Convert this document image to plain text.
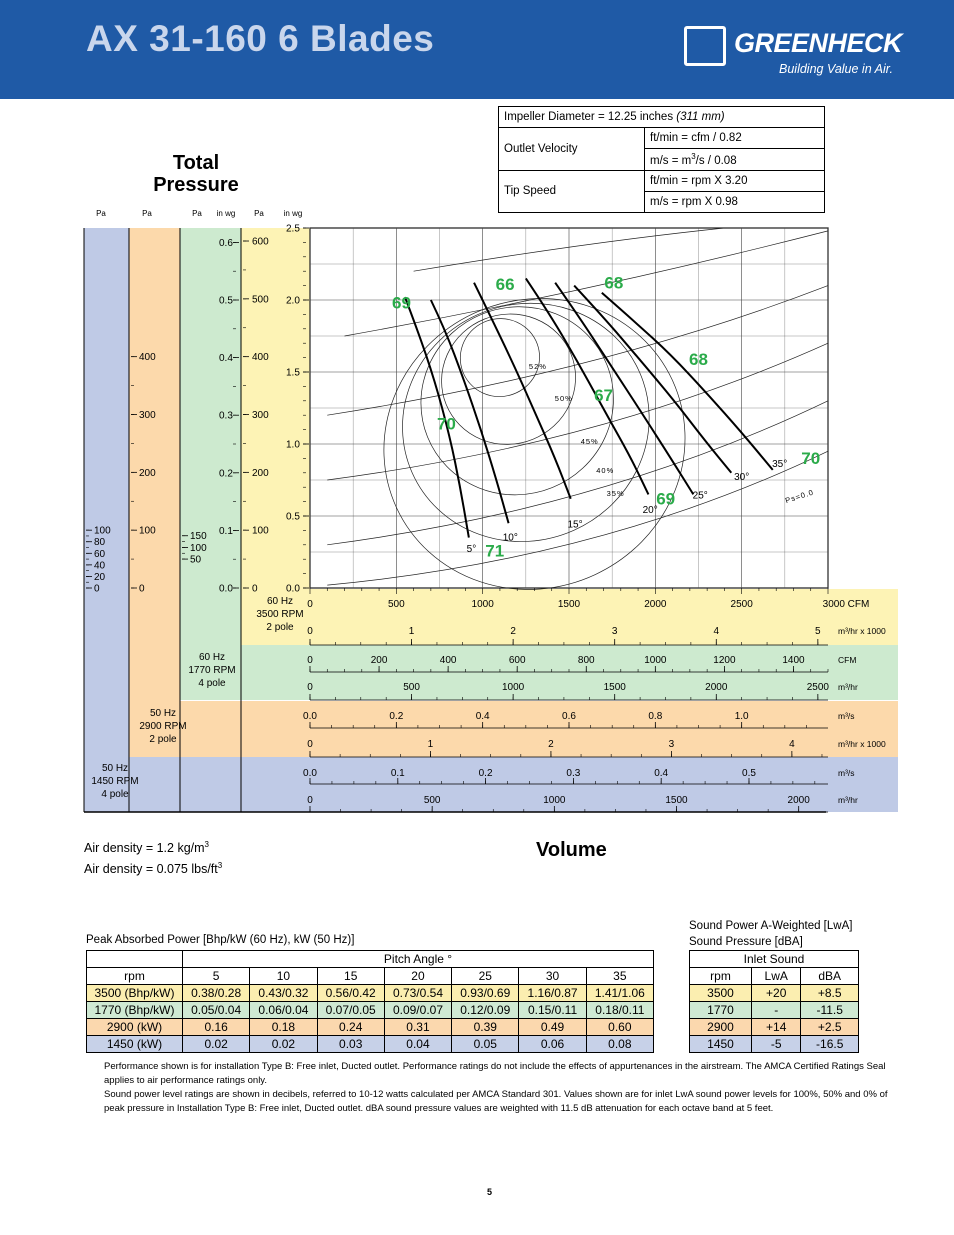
AX 31-160 6 Blades	GREENHECK
Building Value in Air.
Impeller Diameter = 12.25 inches (311 mm)	
Outlet Velocity	ft/min = cfm / 0.82
	$m/s = m^3/s / 0.08$
Tip Speed	ft/min = rpm X 3.20
	m/s = rpm X 0.98
Total Pressure
52%
50%
45%
40%
35%	Ps=0.0
5°
10°
15°
20°
25°
30°
35°
69
66	68
68
67
70
70
69
71
Pa	Pa	Pa in wg Pa in wg
0
20
40
60
80
100
0
100
200
300
400
50
100
150
0.0
0.1
0.2
0.3
0.4
0.5
0.6
0
100
200
300
400
500
600
0.0
0.5
1.0
1.5
2.0
2.5
0	500	1000	1500	2000	2500	3000 CFM
0	1	2	3	4	5 m³/hr x 1000
0	200	400	600	800	1000	1200	1400	CFM
0	500	1000	1500	2000	2500 m³/hr
0.0	0.2	0.4	0.6	0.8	1.0	m³/s
0	1	2	3	4	m³/hr x 1000
0.0	0.1	0.2	0.3	0.4	0.5	m³/s
0	500	1000	1500	2000	m³/hr
60 Hz
3500 RPM
2 pole
60 Hz
1770 RPM
4 pole
50 Hz
2900 RPM
2 pole
50 Hz
1450 RPM
4 pole
Volume
Air density = 1.2 $kg/m^3$
Air density = 0.075 lbs/$ft^3$
Peak Absorbed Power [Bhp/kW (60 Hz), kW (50 Hz)]
Sound Power A-Weighted [LwA]
Sound Pressure [dBA]
	Pitch Angle °						
rpm	5	10	15	20	25	30	35
3500 (Bhp/kW)	0.38/0.28	0.43/0.32	0.56/0.42	0.73/0.54	0.93/0.69	1.16/0.87	1.41/1.06
1770 (Bhp/kW)	0.05/0.04	0.06/0.04	0.07/0.05	0.09/0.07	0.12/0.09	0.15/0.11	0.18/0.11
2900 (kW)	0.16	0.18	0.24	0.31	0.39	0.49	0.60
1450 (kW)	0.02	0.02	0.03	0.04	0.05	0.06	0.08
Inlet Sound		
rpm	LwA	dBA
3500	+20	+8.5
1770	-	-11.5
2900	+14	+2.5
1450	-5	-16.5
Performance shown is for installation Type B: Free inlet, Ducted outlet. Performance ratings do not include the effects of appurtenances in the airstream. The AMCA Certified Ratings Seal applies to air performance ratings only.
Sound power level ratings are shown in decibels, referred to 10-12 watts calculated per AMCA Standard 301. Values shown are for inlet LwA sound power levels for 100%, 50% and 0% of peak pressure in Installation Type B: Free inlet, Ducted outlet. dBA sound pressure values are weighted with 11.5 dB attenuation for each octave band at 5 feet.
5
